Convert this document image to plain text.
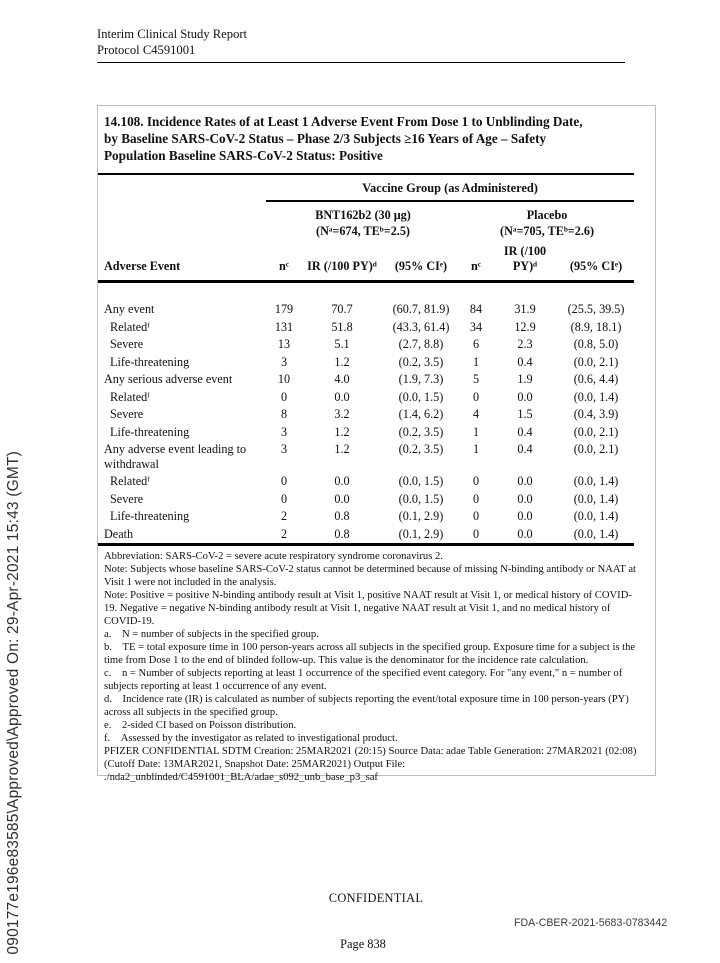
090177e196e83585\Approved\Approved On: 29-Apr-2021 15:43 (GMT)
Interim Clinical Study Report
Protocol C4591001
14.108. Incidence Rates of at Least 1 Adverse Event From Dose 1 to Unblinding Date,
by Baseline SARS-CoV-2 Status – Phase 2/3 Subjects ≥16 Years of Age – Safety
Population Baseline SARS-CoV-2 Status: Positive
	Vaccine Group (as Administered)					

BNT162b2 (30 μg)
(Nᵃ=674, TEᵇ=2.5)

Placebo
(Nᵃ=705, TEᵇ=2.6)

Adverse Event	nᶜ	IR (/100 PY)ᵈ	(95% CIᵉ)	nᶜ	IR (/100 PY)ᵈ	(95% CIᵉ)

Any event	179	70.7	(60.7, 81.9)	84	31.9	(25.5, 39.5)
Relatedᶠ	131	51.8	(43.3, 61.4)	34	12.9	(8.9, 18.1)
Severe	13	5.1	(2.7, 8.8)	6	2.3	(0.8, 5.0)
Life-threatening	3	1.2	(0.2, 3.5)	1	0.4	(0.0, 2.1)
Any serious adverse event	10	4.0	(1.9, 7.3)	5	1.9	(0.6, 4.4)
Relatedᶠ	0	0.0	(0.0, 1.5)	0	0.0	(0.0, 1.4)
Severe	8	3.2	(1.4, 6.2)	4	1.5	(0.4, 3.9)
Life-threatening	3	1.2	(0.2, 3.5)	1	0.4	(0.0, 2.1)
Any adverse event leading to withdrawal	3	1.2	(0.2, 3.5)	1	0.4	(0.0, 2.1)
Relatedᶠ	0	0.0	(0.0, 1.5)	0	0.0	(0.0, 1.4)
Severe	0	0.0	(0.0, 1.5)	0	0.0	(0.0, 1.4)
Life-threatening	2	0.8	(0.1, 2.9)	0	0.0	(0.0, 1.4)
Death	2	0.8	(0.1, 2.9)	0	0.0	(0.0, 1.4)
Abbreviation: SARS-CoV-2 = severe acute respiratory syndrome coronavirus 2.
Note: Subjects whose baseline SARS-CoV-2 status cannot be determined because of missing N-binding antibody or NAAT at Visit 1 were not included in the analysis.
Note: Positive = positive N-binding antibody result at Visit 1, positive NAAT result at Visit 1, or medical history of COVID-19. Negative = negative N-binding antibody result at Visit 1, negative NAAT result at Visit 1, and no medical history of COVID-19.
a.    N = number of subjects in the specified group.
b.    TE = total exposure time in 100 person-years across all subjects in the specified group. Exposure time for a subject is the time from Dose 1 to the end of blinded follow-up. This value is the denominator for the incidence rate calculation.
c.    n = Number of subjects reporting at least 1 occurrence of the specified event category. For "any event," n = number of subjects reporting at least 1 occurrence of any event.
d.    Incidence rate (IR) is calculated as number of subjects reporting the event/total exposure time in 100 person-years (PY) across all subjects in the specified group.
e.    2-sided CI based on Poisson distribution.
f.    Assessed by the investigator as related to investigational product.
PFIZER CONFIDENTIAL SDTM Creation: 25MAR2021 (20:15) Source Data: adae Table Generation: 27MAR2021 (02:08)
(Cutoff Date: 13MAR2021, Snapshot Date: 25MAR2021) Output File:
./nda2_unblinded/C4591001_BLA/adae_s092_unb_base_p3_saf
CONFIDENTIAL
FDA-CBER-2021-5683-0783442
Page 838
